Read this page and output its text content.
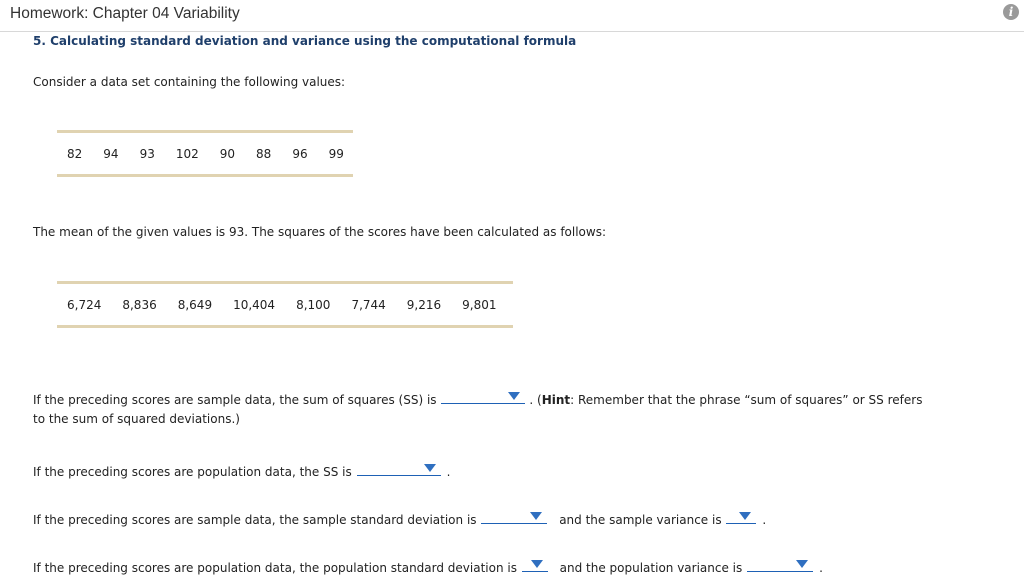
Homework: Chapter 04 Variability	i
5. Calculating standard deviation and variance using the computational formula
Consider a data set containing the following values:
82 94 93 102 90 88 96 99
The mean of the given values is 93. The squares of the scores have been calculated as follows:
6,724 8,836 8,649 10,404 8,100 7,744 9,216 9,801
If the preceding scores are sample data, the sum of squares (SS) is	. (Hint: Remember that the phrase “sum of squares” or SS refers
to the sum of squared deviations.)
If the preceding scores are population data, the SS is	.
If the preceding scores are sample data, the sample standard deviation is	and the sample variance is	.
If the preceding scores are population data, the population standard deviation is	and the population variance is	.
